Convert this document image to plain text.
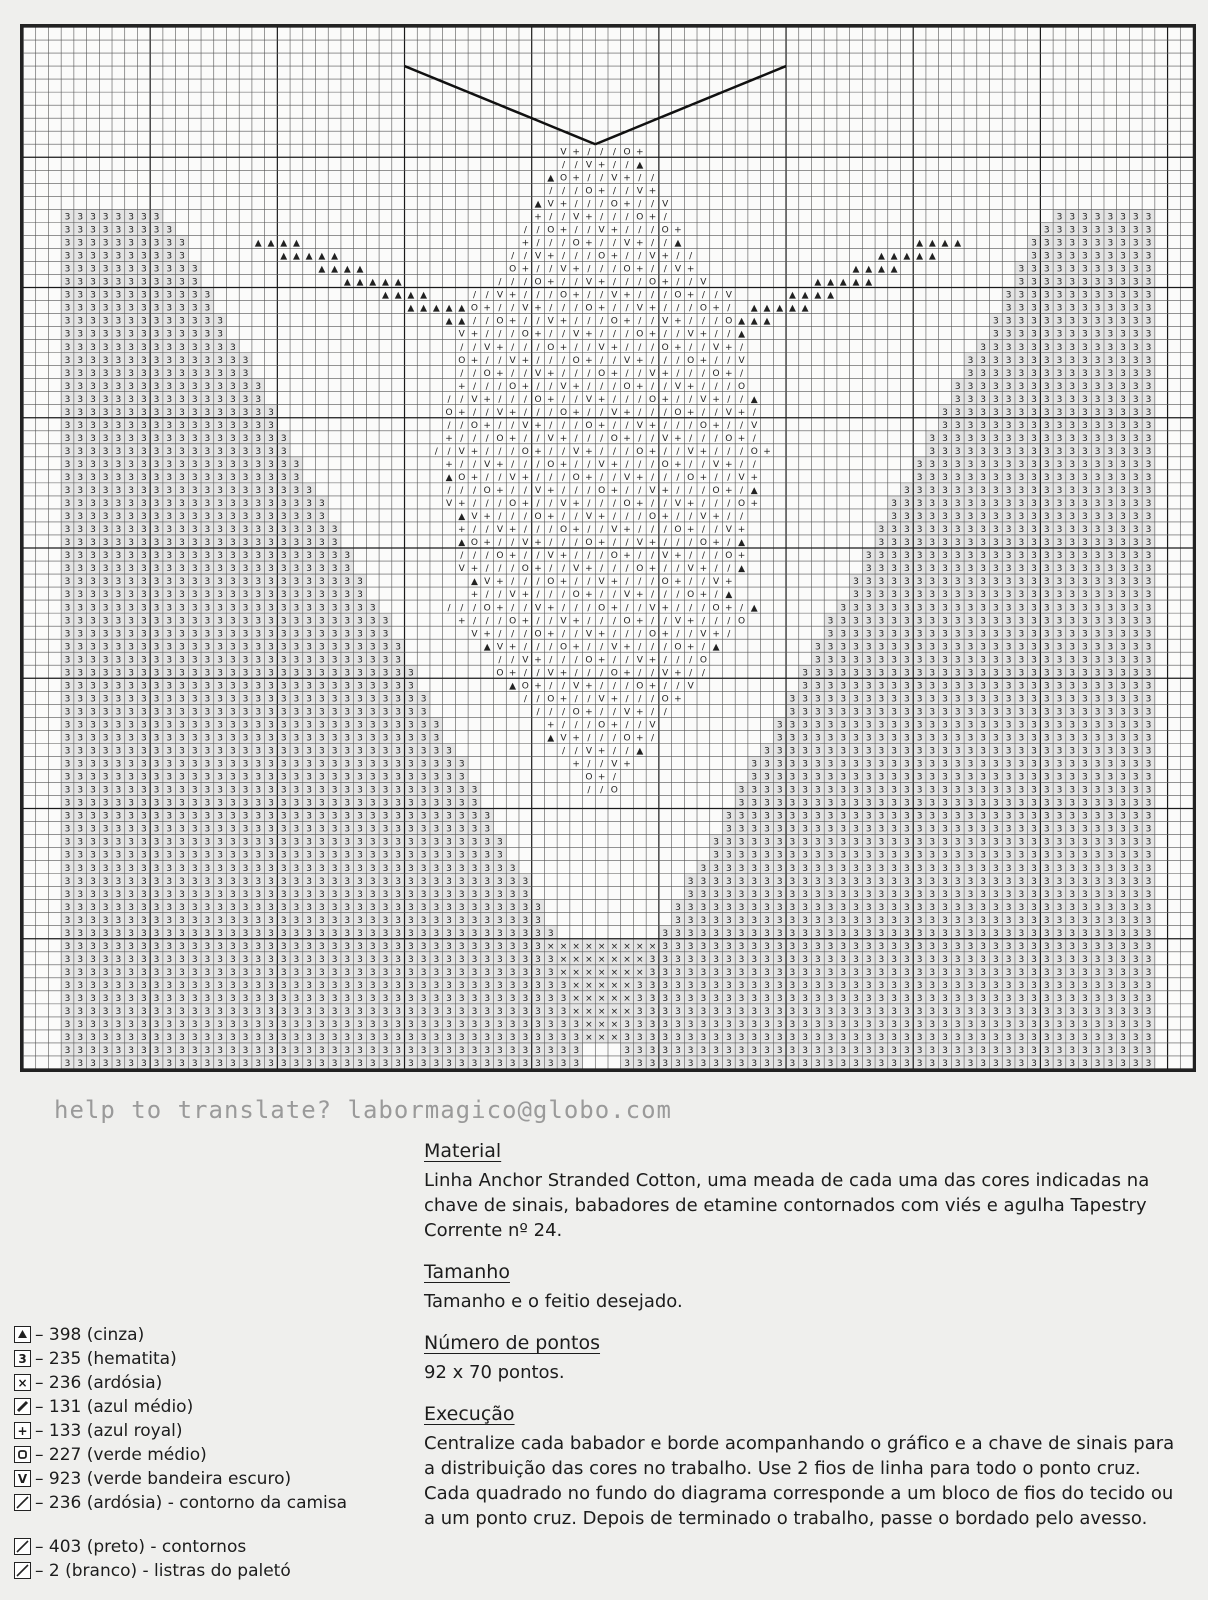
V + / / / O +
/ / V + / / ▲
▲ O + / / V + / /
/ / / O + / / V +
▲ V + / / / O + / / V
3 3 3 3 3 3 3 3	+ / / V + / / / O + /	3 3 3 3 3 3 3 3
3 3 3 3 3 3 3 3 3	/ / O + / / V + / / / O +	3 3 3 3 3 3 3 3 3
3 3 3 3 3 3 3 3 3 3	▲ ▲ ▲ ▲	+ / / / O + / / V + / / ▲	▲ ▲ ▲ ▲	3 3 3 3 3 3 3 3 3 3
3 3 3 3 3 3 3 3 3 3	▲ ▲ ▲ ▲ ▲	/ / V + / / / O + / / V + / /	▲ ▲ ▲ ▲ ▲	3 3 3 3 3 3 3 3 3 3
3 3 3 3 3 3 3 3 3 3 3	▲ ▲ ▲ ▲	O + / / V + / / / O + / / V +	▲ ▲ ▲ ▲	3 3 3 3 3 3 3 3 3 3 3
3 3 3 3 3 3 3 3 3 3 3	▲ ▲ ▲ ▲ ▲	/ / / O + / / V + / / / O + / / V	▲ ▲ ▲ ▲ ▲	3 3 3 3 3 3 3 3 3 3 3
3 3 3 3 3 3 3 3 3 3 3 3	▲ ▲ ▲ ▲	/ / V + / / / O + / / V + / / / O + / / V	▲ ▲ ▲ ▲	3 3 3 3 3 3 3 3 3 3 3 3
3 3 3 3 3 3 3 3 3 3 3 3	▲ ▲ ▲ ▲ ▲ O + / / V + / / / O + / / V + / / / O + / ▲ ▲ ▲ ▲ ▲	3 3 3 3 3 3 3 3 3 3 3 3
3 3 3 3 3 3 3 3 3 3 3 3 3	▲ ▲ / / O + / / V + / / / O + / / V + / / / O ▲ ▲ ▲	3 3 3 3 3 3 3 3 3 3 3 3 3
3 3 3 3 3 3 3 3 3 3 3 3 3	V + / / / O + / / V + / / / O + / / V + / / ▲	3 3 3 3 3 3 3 3 3 3 3 3 3
3 3 3 3 3 3 3 3 3 3 3 3 3 3	/ / V + / / / O + / / V + / / / O + / / V + /	3 3 3 3 3 3 3 3 3 3 3 3 3 3
3 3 3 3 3 3 3 3 3 3 3 3 3 3 3	O + / / V + / / / O + / / V + / / / O + / / V	3 3 3 3 3 3 3 3 3 3 3 3 3 3 3
3 3 3 3 3 3 3 3 3 3 3 3 3 3 3	/ / O + / / V + / / / O + / / V + / / / O + /	3 3 3 3 3 3 3 3 3 3 3 3 3 3 3
3 3 3 3 3 3 3 3 3 3 3 3 3 3 3 3	+ / / / O + / / V + / / / O + / / V + / / / O	3 3 3 3 3 3 3 3 3 3 3 3 3 3 3 3
3 3 3 3 3 3 3 3 3 3 3 3 3 3 3 3	/ / V + / / / O + / / V + / / / O + / / V + / / ▲	3 3 3 3 3 3 3 3 3 3 3 3 3 3 3 3
3 3 3 3 3 3 3 3 3 3 3 3 3 3 3 3 3	O + / / V + / / / O + / / V + / / / O + / / V + /	3 3 3 3 3 3 3 3 3 3 3 3 3 3 3 3 3
3 3 3 3 3 3 3 3 3 3 3 3 3 3 3 3 3	/ / O + / / V + / / / O + / / V + / / / O + / / V	3 3 3 3 3 3 3 3 3 3 3 3 3 3 3 3 3
3 3 3 3 3 3 3 3 3 3 3 3 3 3 3 3 3 3	+ / / / O + / / V + / / / O + / / V + / / / O + /	3 3 3 3 3 3 3 3 3 3 3 3 3 3 3 3 3 3
3 3 3 3 3 3 3 3 3 3 3 3 3 3 3 3 3 3	/ / V + / / / O + / / V + / / / O + / / V + / / / O +	3 3 3 3 3 3 3 3 3 3 3 3 3 3 3 3 3 3
3 3 3 3 3 3 3 3 3 3 3 3 3 3 3 3 3 3 3	+ / / V + / / / O + / / V + / / / O + / / V + / /	3 3 3 3 3 3 3 3 3 3 3 3 3 3 3 3 3 3 3
3 3 3 3 3 3 3 3 3 3 3 3 3 3 3 3 3 3 3	▲ O + / / V + / / / O + / / V + / / / O + / / V +	3 3 3 3 3 3 3 3 3 3 3 3 3 3 3 3 3 3 3
3 3 3 3 3 3 3 3 3 3 3 3 3 3 3 3 3 3 3 3	/ / / O + / / V + / / / O + / / V + / / / O + / ▲	3 3 3 3 3 3 3 3 3 3 3 3 3 3 3 3 3 3 3 3
3 3 3 3 3 3 3 3 3 3 3 3 3 3 3 3 3 3 3 3 3	V + / / / O + / / V + / / / O + / / V + / / / O +	3 3 3 3 3 3 3 3 3 3 3 3 3 3 3 3 3 3 3 3 3
3 3 3 3 3 3 3 3 3 3 3 3 3 3 3 3 3 3 3 3 3	▲ V + / / / O + / / V + / / / O + / / V + / /	3 3 3 3 3 3 3 3 3 3 3 3 3 3 3 3 3 3 3 3 3
3 3 3 3 3 3 3 3 3 3 3 3 3 3 3 3 3 3 3 3 3 3	+ / / V + / / / O + / / V + / / / O + / / V +	3 3 3 3 3 3 3 3 3 3 3 3 3 3 3 3 3 3 3 3 3 3
3 3 3 3 3 3 3 3 3 3 3 3 3 3 3 3 3 3 3 3 3 3	▲ O + / / V + / / / O + / / V + / / / O + / ▲	3 3 3 3 3 3 3 3 3 3 3 3 3 3 3 3 3 3 3 3 3 3
3 3 3 3 3 3 3 3 3 3 3 3 3 3 3 3 3 3 3 3 3 3 3	/ / / O + / / V + / / / O + / / V + / / / O +	3 3 3 3 3 3 3 3 3 3 3 3 3 3 3 3 3 3 3 3 3 3 3
3 3 3 3 3 3 3 3 3 3 3 3 3 3 3 3 3 3 3 3 3 3 3	V + / / / O + / / V + / / / O + / / V + / / ▲	3 3 3 3 3 3 3 3 3 3 3 3 3 3 3 3 3 3 3 3 3 3 3
3 3 3 3 3 3 3 3 3 3 3 3 3 3 3 3 3 3 3 3 3 3 3 3	▲ V + / / / O + / / V + / / / O + / / V +	3 3 3 3 3 3 3 3 3 3 3 3 3 3 3 3 3 3 3 3 3 3 3 3
3 3 3 3 3 3 3 3 3 3 3 3 3 3 3 3 3 3 3 3 3 3 3 3	+ / / V + / / / O + / / V + / / / O + / ▲	3 3 3 3 3 3 3 3 3 3 3 3 3 3 3 3 3 3 3 3 3 3 3 3
3 3 3 3 3 3 3 3 3 3 3 3 3 3 3 3 3 3 3 3 3 3 3 3 3	/ / / O + / / V + / / / O + / / V + / / / O + / ▲	3 3 3 3 3 3 3 3 3 3 3 3 3 3 3 3 3 3 3 3 3 3 3 3 3
3 3 3 3 3 3 3 3 3 3 3 3 3 3 3 3 3 3 3 3 3 3 3 3 3 3	+ / / / O + / / V + / / / O + / / V + / / / O	3 3 3 3 3 3 3 3 3 3 3 3 3 3 3 3 3 3 3 3 3 3 3 3 3 3
3 3 3 3 3 3 3 3 3 3 3 3 3 3 3 3 3 3 3 3 3 3 3 3 3 3	V + / / / O + / / V + / / / O + / / V + /	3 3 3 3 3 3 3 3 3 3 3 3 3 3 3 3 3 3 3 3 3 3 3 3 3 3
3 3 3 3 3 3 3 3 3 3 3 3 3 3 3 3 3 3 3 3 3 3 3 3 3 3 3	▲ V + / / / O + / / V + / / / O + / ▲	3 3 3 3 3 3 3 3 3 3 3 3 3 3 3 3 3 3 3 3 3 3 3 3 3 3 3
3 3 3 3 3 3 3 3 3 3 3 3 3 3 3 3 3 3 3 3 3 3 3 3 3 3 3	/ / V + / / / O + / / V + / / / O	3 3 3 3 3 3 3 3 3 3 3 3 3 3 3 3 3 3 3 3 3 3 3 3 3 3 3
3 3 3 3 3 3 3 3 3 3 3 3 3 3 3 3 3 3 3 3 3 3 3 3 3 3 3 3	O + / / V + / / / O + / / V + / /	3 3 3 3 3 3 3 3 3 3 3 3 3 3 3 3 3 3 3 3 3 3 3 3 3 3 3 3
3 3 3 3 3 3 3 3 3 3 3 3 3 3 3 3 3 3 3 3 3 3 3 3 3 3 3 3	▲ O + / / V + / / / O + / / V	3 3 3 3 3 3 3 3 3 3 3 3 3 3 3 3 3 3 3 3 3 3 3 3 3 3 3 3
3 3 3 3 3 3 3 3 3 3 3 3 3 3 3 3 3 3 3 3 3 3 3 3 3 3 3 3 3	/ / O + / / V + / / / O +	3 3 3 3 3 3 3 3 3 3 3 3 3 3 3 3 3 3 3 3 3 3 3 3 3 3 3 3 3
3 3 3 3 3 3 3 3 3 3 3 3 3 3 3 3 3 3 3 3 3 3 3 3 3 3 3 3 3	/ / / O + / / V + / /	3 3 3 3 3 3 3 3 3 3 3 3 3 3 3 3 3 3 3 3 3 3 3 3 3 3 3 3 3
3 3 3 3 3 3 3 3 3 3 3 3 3 3 3 3 3 3 3 3 3 3 3 3 3 3 3 3 3 3	+ / / / O + / / V	3 3 3 3 3 3 3 3 3 3 3 3 3 3 3 3 3 3 3 3 3 3 3 3 3 3 3 3 3 3
3 3 3 3 3 3 3 3 3 3 3 3 3 3 3 3 3 3 3 3 3 3 3 3 3 3 3 3 3 3	▲ V + / / / O + /	3 3 3 3 3 3 3 3 3 3 3 3 3 3 3 3 3 3 3 3 3 3 3 3 3 3 3 3 3 3
3 3 3 3 3 3 3 3 3 3 3 3 3 3 3 3 3 3 3 3 3 3 3 3 3 3 3 3 3 3 3	/ / V + / / ▲	3 3 3 3 3 3 3 3 3 3 3 3 3 3 3 3 3 3 3 3 3 3 3 3 3 3 3 3 3 3 3
3 3 3 3 3 3 3 3 3 3 3 3 3 3 3 3 3 3 3 3 3 3 3 3 3 3 3 3 3 3 3 3	+ / / V +	3 3 3 3 3 3 3 3 3 3 3 3 3 3 3 3 3 3 3 3 3 3 3 3 3 3 3 3 3 3 3 3
3 3 3 3 3 3 3 3 3 3 3 3 3 3 3 3 3 3 3 3 3 3 3 3 3 3 3 3 3 3 3 3	O + /	3 3 3 3 3 3 3 3 3 3 3 3 3 3 3 3 3 3 3 3 3 3 3 3 3 3 3 3 3 3 3 3
3 3 3 3 3 3 3 3 3 3 3 3 3 3 3 3 3 3 3 3 3 3 3 3 3 3 3 3 3 3 3 3 3	/ / O	3 3 3 3 3 3 3 3 3 3 3 3 3 3 3 3 3 3 3 3 3 3 3 3 3 3 3 3 3 3 3 3 3
3 3 3 3 3 3 3 3 3 3 3 3 3 3 3 3 3 3 3 3 3 3 3 3 3 3 3 3 3 3 3 3 3	3 3 3 3 3 3 3 3 3 3 3 3 3 3 3 3 3 3 3 3 3 3 3 3 3 3 3 3 3 3 3 3 3
3 3 3 3 3 3 3 3 3 3 3 3 3 3 3 3 3 3 3 3 3 3 3 3 3 3 3 3 3 3 3 3 3 3	3 3 3 3 3 3 3 3 3 3 3 3 3 3 3 3 3 3 3 3 3 3 3 3 3 3 3 3 3 3 3 3 3 3
3 3 3 3 3 3 3 3 3 3 3 3 3 3 3 3 3 3 3 3 3 3 3 3 3 3 3 3 3 3 3 3 3 3	3 3 3 3 3 3 3 3 3 3 3 3 3 3 3 3 3 3 3 3 3 3 3 3 3 3 3 3 3 3 3 3 3 3
3 3 3 3 3 3 3 3 3 3 3 3 3 3 3 3 3 3 3 3 3 3 3 3 3 3 3 3 3 3 3 3 3 3 3	3 3 3 3 3 3 3 3 3 3 3 3 3 3 3 3 3 3 3 3 3 3 3 3 3 3 3 3 3 3 3 3 3 3 3
3 3 3 3 3 3 3 3 3 3 3 3 3 3 3 3 3 3 3 3 3 3 3 3 3 3 3 3 3 3 3 3 3 3 3	3 3 3 3 3 3 3 3 3 3 3 3 3 3 3 3 3 3 3 3 3 3 3 3 3 3 3 3 3 3 3 3 3 3 3
3 3 3 3 3 3 3 3 3 3 3 3 3 3 3 3 3 3 3 3 3 3 3 3 3 3 3 3 3 3 3 3 3 3 3 3	3 3 3 3 3 3 3 3 3 3 3 3 3 3 3 3 3 3 3 3 3 3 3 3 3 3 3 3 3 3 3 3 3 3 3 3
3 3 3 3 3 3 3 3 3 3 3 3 3 3 3 3 3 3 3 3 3 3 3 3 3 3 3 3 3 3 3 3 3 3 3 3 3	3 3 3 3 3 3 3 3 3 3 3 3 3 3 3 3 3 3 3 3 3 3 3 3 3 3 3 3 3 3 3 3 3 3 3 3 3
3 3 3 3 3 3 3 3 3 3 3 3 3 3 3 3 3 3 3 3 3 3 3 3 3 3 3 3 3 3 3 3 3 3 3 3 3	3 3 3 3 3 3 3 3 3 3 3 3 3 3 3 3 3 3 3 3 3 3 3 3 3 3 3 3 3 3 3 3 3 3 3 3 3
3 3 3 3 3 3 3 3 3 3 3 3 3 3 3 3 3 3 3 3 3 3 3 3 3 3 3 3 3 3 3 3 3 3 3 3 3 3	3 3 3 3 3 3 3 3 3 3 3 3 3 3 3 3 3 3 3 3 3 3 3 3 3 3 3 3 3 3 3 3 3 3 3 3 3 3
3 3 3 3 3 3 3 3 3 3 3 3 3 3 3 3 3 3 3 3 3 3 3 3 3 3 3 3 3 3 3 3 3 3 3 3 3 3	3 3 3 3 3 3 3 3 3 3 3 3 3 3 3 3 3 3 3 3 3 3 3 3 3 3 3 3 3 3 3 3 3 3 3 3 3 3
3 3 3 3 3 3 3 3 3 3 3 3 3 3 3 3 3 3 3 3 3 3 3 3 3 3 3 3 3 3 3 3 3 3 3 3 3 3 3	3 3 3 3 3 3 3 3 3 3 3 3 3 3 3 3 3 3 3 3 3 3 3 3 3 3 3 3 3 3 3 3 3 3 3 3 3 3 3
3 3 3 3 3 3 3 3 3 3 3 3 3 3 3 3 3 3 3 3 3 3 3 3 3 3 3 3 3 3 3 3 3 3 3 3 3 3 × × × × × × × × × 3 3 3 3 3 3 3 3 3 3 3 3 3 3 3 3 3 3 3 3 3 3 3 3 3 3 3 3 3 3 3 3 3 3 3 3 3 3 3
3 3 3 3 3 3 3 3 3 3 3 3 3 3 3 3 3 3 3 3 3 3 3 3 3 3 3 3 3 3 3 3 3 3 3 3 3 3 3 × × × × × × × 3 3 3 3 3 3 3 3 3 3 3 3 3 3 3 3 3 3 3 3 3 3 3 3 3 3 3 3 3 3 3 3 3 3 3 3 3 3 3 3
3 3 3 3 3 3 3 3 3 3 3 3 3 3 3 3 3 3 3 3 3 3 3 3 3 3 3 3 3 3 3 3 3 3 3 3 3 3 3 × × × × × × × 3 3 3 3 3 3 3 3 3 3 3 3 3 3 3 3 3 3 3 3 3 3 3 3 3 3 3 3 3 3 3 3 3 3 3 3 3 3 3 3
3 3 3 3 3 3 3 3 3 3 3 3 3 3 3 3 3 3 3 3 3 3 3 3 3 3 3 3 3 3 3 3 3 3 3 3 3 3 3 3 × × × × × 3 3 3 3 3 3 3 3 3 3 3 3 3 3 3 3 3 3 3 3 3 3 3 3 3 3 3 3 3 3 3 3 3 3 3 3 3 3 3 3 3
3 3 3 3 3 3 3 3 3 3 3 3 3 3 3 3 3 3 3 3 3 3 3 3 3 3 3 3 3 3 3 3 3 3 3 3 3 3 3 3 × × × × × 3 3 3 3 3 3 3 3 3 3 3 3 3 3 3 3 3 3 3 3 3 3 3 3 3 3 3 3 3 3 3 3 3 3 3 3 3 3 3 3 3
3 3 3 3 3 3 3 3 3 3 3 3 3 3 3 3 3 3 3 3 3 3 3 3 3 3 3 3 3 3 3 3 3 3 3 3 3 3 3 3 × × × × × 3 3 3 3 3 3 3 3 3 3 3 3 3 3 3 3 3 3 3 3 3 3 3 3 3 3 3 3 3 3 3 3 3 3 3 3 3 3 3 3 3
3 3 3 3 3 3 3 3 3 3 3 3 3 3 3 3 3 3 3 3 3 3 3 3 3 3 3 3 3 3 3 3 3 3 3 3 3 3 3 3 3 × × × 3 3 3 3 3 3 3 3 3 3 3 3 3 3 3 3 3 3 3 3 3 3 3 3 3 3 3 3 3 3 3 3 3 3 3 3 3 3 3 3 3 3
3 3 3 3 3 3 3 3 3 3 3 3 3 3 3 3 3 3 3 3 3 3 3 3 3 3 3 3 3 3 3 3 3 3 3 3 3 3 3 3 3 × × × 3 3 3 3 3 3 3 3 3 3 3 3 3 3 3 3 3 3 3 3 3 3 3 3 3 3 3 3 3 3 3 3 3 3 3 3 3 3 3 3 3 3
3 3 3 3 3 3 3 3 3 3 3 3 3 3 3 3 3 3 3 3 3 3 3 3 3 3 3 3 3 3 3 3 3 3 3 3 3 3 3 3 3	3 3 3 3 3 3 3 3 3 3 3 3 3 3 3 3 3 3 3 3 3 3 3 3 3 3 3 3 3 3 3 3 3 3 3 3 3 3 3 3 3 3
3 3 3 3 3 3 3 3 3 3 3 3 3 3 3 3 3 3 3 3 3 3 3 3 3 3 3 3 3 3 3 3 3 3 3 3 3 3 3 3 3	3 3 3 3 3 3 3 3 3 3 3 3 3 3 3 3 3 3 3 3 3 3 3 3 3 3 3 3 3 3 3 3 3 3 3 3 3 3 3 3 3 3
help to translate? labormagico@globo.com
– 398 (cinza)
3 – 235 (hematita)
× – 236 (ardósia)
– 131 (azul médio)
+ – 133 (azul royal)
– 227 (verde médio)
V – 923 (verde bandeira escuro)
– 236 (ardósia) - contorno da camisa
– 403 (preto) - contornos
– 2 (branco) - listras do paletó
Material

Linha Anchor Stranded Cotton, uma meada de cada uma das cores indicadas na chave de sinais, babadores de etamine contornados com viés e agulha Tapestry Corrente nº 24.

Tamanho

Tamanho e o feitio desejado.

Número de pontos

92 x 70 pontos.

Execução

Centralize cada babador e borde acompanhando o gráfico e a chave de sinais para a distribuição das cores no trabalho. Use 2 fios de linha para todo o ponto cruz. Cada quadrado no fundo do diagrama corresponde a um bloco de fios do tecido ou a um ponto cruz. Depois de terminado o trabalho, passe o bordado pelo avesso.
